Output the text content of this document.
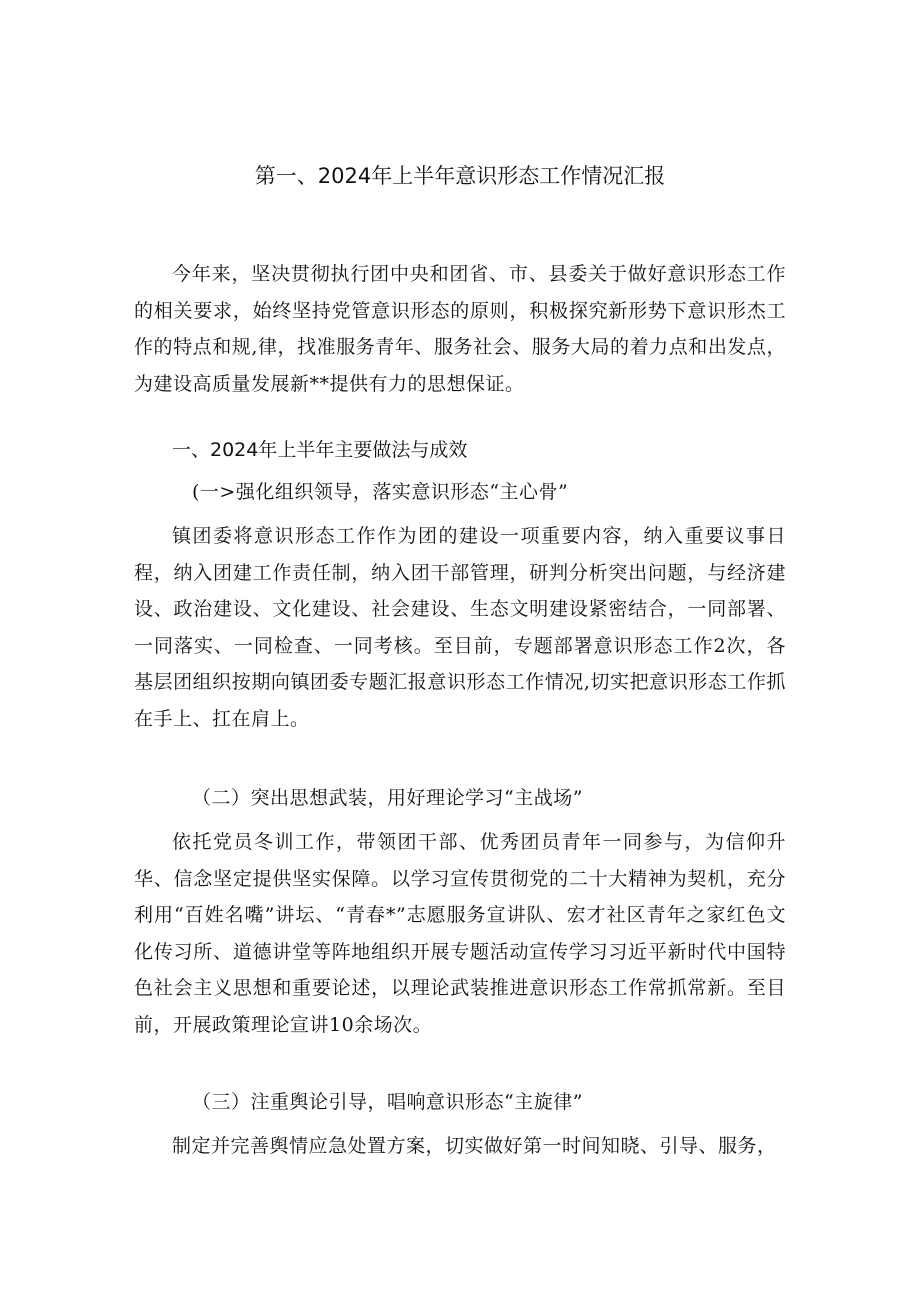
第一、2024年上半年意识形态工作情况汇报

今年来，坚决贯彻执行团中央和团省、市、县委关于做好意识形态工作的相关要求，始终坚持党管意识形态的原则，积极探究新形势下意识形杰工作的特点和规,律，找准服务青年、服务社会、服务大局的着力点和出发点，为建设高质量发展新**提供有力的思想保证。

一、2024年上半年主要做法与成效
(一>强化组织领导，落实意识形态“主心骨”

镇团委将意识形态工作作为团的建设一项重要内容，纳入重要议事日程，纳入团建工作责任制，纳入团干部管理，研判分析突出问题，与经济建设、政治建设、文化建设、社会建设、生态文明建设紧密结合，一同部署、一同落实、一同检查、一同考核。至目前，专题部署意识形态工作2次，各基层团组织按期向镇团委专题汇报意识形态工作情况,切实把意识形态工作抓在手上、扛在肩上。

（二）突出思想武装，用好理论学习“主战场”

依托党员冬训工作，带领团干部、优秀团员青年一同参与，为信仰升华、信念坚定提供坚实保障。以学习宣传贯彻党的二十大精神为契机，充分利用“百姓名嘴”讲坛、“青春*”志愿服务宣讲队、宏才社区青年之家红色文化传习所、道德讲堂等阵地组织开展专题活动宣传学习习近平新时代中国特色社会主义思想和重要论述，以理论武装推进意识形态工作常抓常新。至目前，开展政策理论宣讲10余场次。

（三）注重舆论引导，唱响意识形态“主旋律”

制定并完善舆情应急处置方案，切实做好第一时间知晓、引导、服务，
